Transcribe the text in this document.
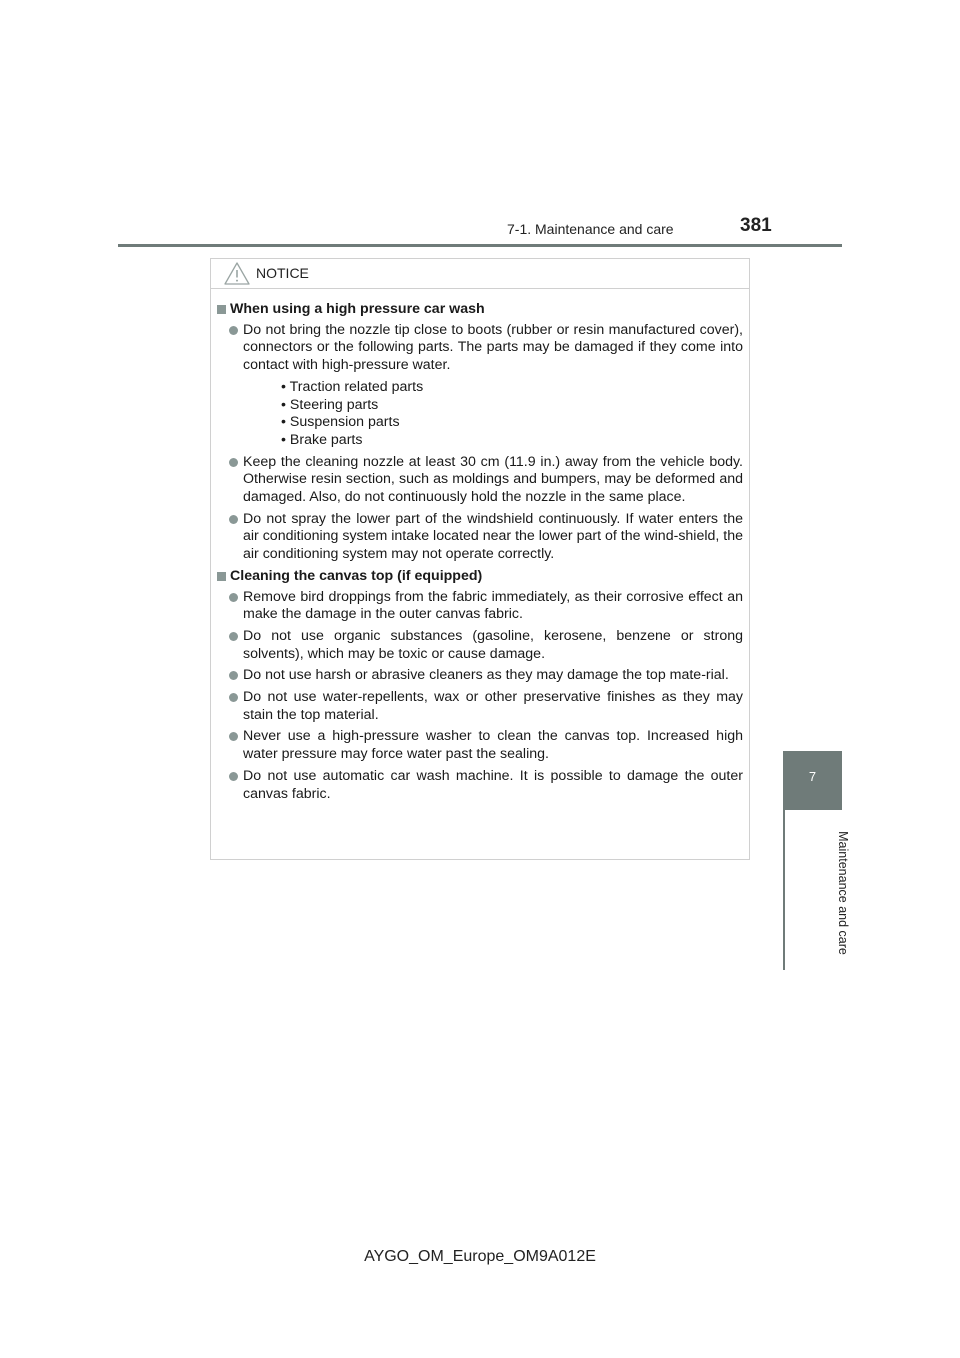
7-1. Maintenance and care	381
7
Maintenance and care
NOTICE
When using a high pressure car wash
Do not bring the nozzle tip close to boots (rubber or resin manufactured cover), connectors or the following parts. The parts may be damaged if they come into contact with high-pressure water.
• Traction related parts
• Steering parts
• Suspension parts
• Brake parts
Keep the cleaning nozzle at least 30 cm (11.9 in.) away from the vehicle body. Otherwise resin section, such as moldings and bumpers, may be deformed and damaged. Also, do not continuously hold the nozzle in the same place.
Do not spray the lower part of the windshield continuously. If water enters the air conditioning system intake located near the lower part of the wind-shield, the air conditioning system may not operate correctly.
Cleaning the canvas top (if equipped)
Remove bird droppings from the fabric immediately, as their corrosive effect an make the damage in the outer canvas fabric.
Do not use organic substances (gasoline, kerosene, benzene or strong solvents), which may be toxic or cause damage.
Do not use harsh or abrasive cleaners as they may damage the top mate-rial.
Do not use water-repellents, wax or other preservative finishes as they may stain the top material.
Never use a high-pressure washer to clean the canvas top. Increased high water pressure may force water past the sealing.
Do not use automatic car wash machine. It is possible to damage the outer canvas fabric.
AYGO_OM_Europe_OM9A012E
